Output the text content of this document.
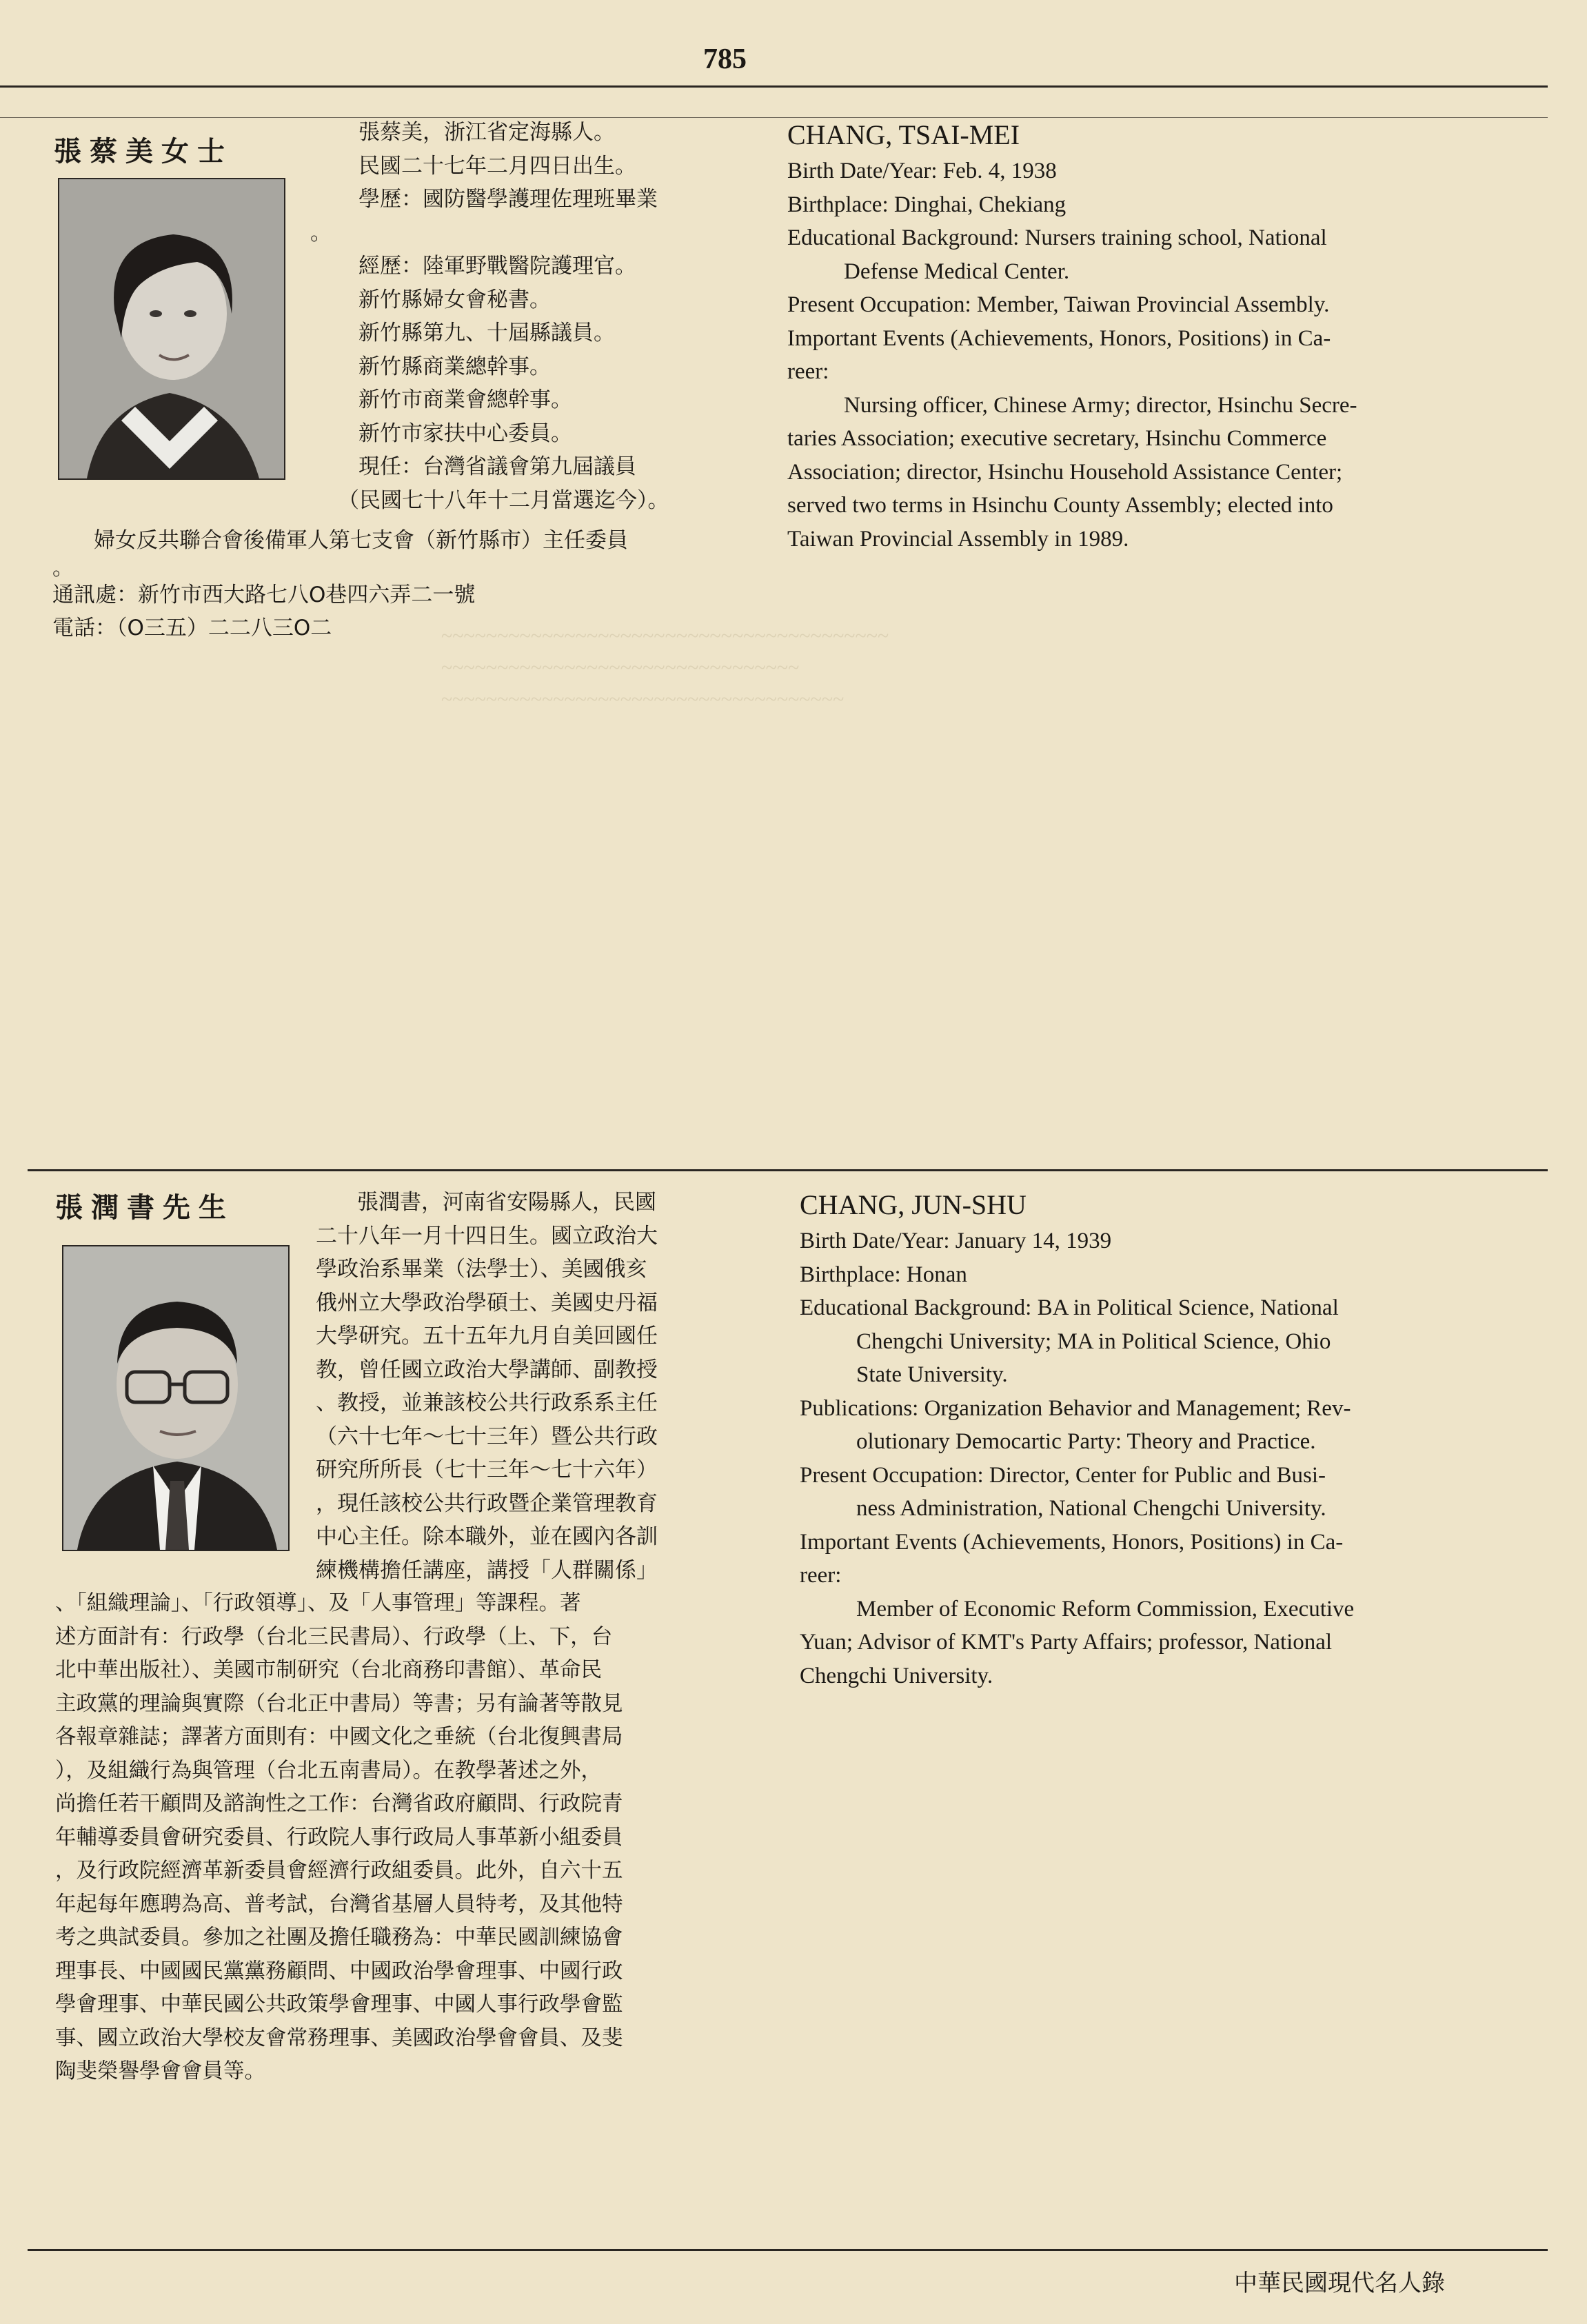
~~~~~~~~~~~~~~~~~~~~~~~~~~~~~~~~~~~~~~~~
~~~~~~~~~~~~~~~~~~~~~~~~~~~~~~~~
~~~~~~~~~~~~~~~~~~~~~~~~~~~~~~~~~~~~
785
張蔡美女士
張蔡美，浙江省定海縣人。
民國二十七年二月四日出生。
學歷：國防醫學護理佐理班畢業
。
經歷：陸軍野戰醫院護理官。
新竹縣婦女會秘書。
新竹縣第九、十屆縣議員。
新竹縣商業總幹事。
新竹市商業會總幹事。
新竹市家扶中心委員。
現任：台灣省議會第九屆議員
（民國七十八年十二月當選迄今）。
婦女反共聯合會後備軍人第七支會（新竹縣市）主任委員
。
通訊處：新竹市西大路七八O巷四六弄二一號
電話：（O三五）二二八三O二
CHANG, TSAI-MEI
Birth Date/Year: Feb. 4, 1938
Birthplace: Dinghai, Chekiang
Educational Background: Nursers training school, National
Defense Medical Center.
Present Occupation: Member, Taiwan Provincial Assembly.
Important Events (Achievements, Honors, Positions) in Ca-
reer:
Nursing officer, Chinese Army; director, Hsinchu Secre-
taries Association; executive secretary, Hsinchu Commerce
Association; director, Hsinchu Household Assistance Center;
served two terms in Hsinchu County Assembly; elected into
Taiwan Provincial Assembly in 1989.
張潤書先生	張潤書，河南省安陽縣人，民國
二十八年一月十四日生。國立政治大
學政治系畢業（法學士）、美國俄亥
俄州立大學政治學碩士、美國史丹福
大學研究。五十五年九月自美回國任
教，曾任國立政治大學講師、副教授
、教授，並兼該校公共行政系系主任
（六十七年～七十三年）暨公共行政
研究所所長（七十三年～七十六年）
，現任該校公共行政暨企業管理教育
中心主任。除本職外，並在國內各訓
練機構擔任講座，講授「人群關係」
、「組織理論」、「行政領導」、及「人事管理」等課程。著
述方面計有：行政學（台北三民書局）、行政學（上、下，台
北中華出版社）、美國市制研究（台北商務印書館）、革命民
主政黨的理論與實際（台北正中書局）等書；另有論著等散見
各報章雜誌；譯著方面則有：中國文化之垂統（台北復興書局
），及組織行為與管理（台北五南書局）。在教學著述之外，
尚擔任若干顧問及諮詢性之工作：台灣省政府顧問、行政院青
年輔導委員會研究委員、行政院人事行政局人事革新小組委員
，及行政院經濟革新委員會經濟行政組委員。此外，自六十五
年起每年應聘為高、普考試，台灣省基層人員特考，及其他特
考之典試委員。參加之社團及擔任職務為：中華民國訓練協會
理事長、中國國民黨黨務顧問、中國政治學會理事、中國行政
學會理事、中華民國公共政策學會理事、中國人事行政學會監
事、國立政治大學校友會常務理事、美國政治學會會員、及斐
陶斐榮譽學會會員等。
CHANG, JUN-SHU
Birth Date/Year: January 14, 1939
Birthplace: Honan
Educational Background: BA in Political Science, National
Chengchi University; MA in Political Science, Ohio
State University.
Publications: Organization Behavior and Management; Rev-
olutionary Democartic Party: Theory and Practice.
Present Occupation: Director, Center for Public and Busi-
ness Administration, National Chengchi University.
Important Events (Achievements, Honors, Positions) in Ca-
reer:
Member of Economic Reform Commission, Executive
Yuan; Advisor of KMT's Party Affairs; professor, National
Chengchi University.
中華民國現代名人錄
